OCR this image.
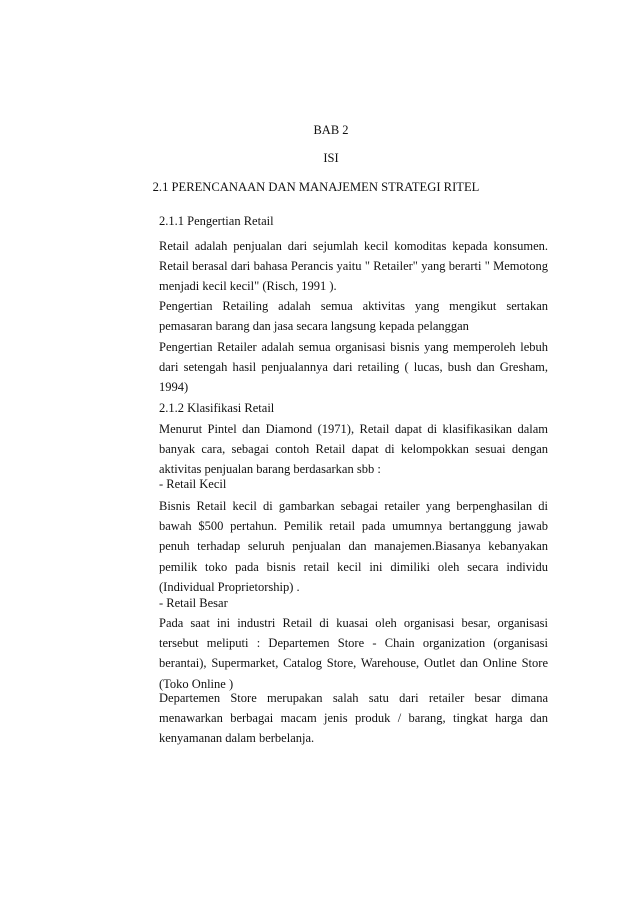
BAB 2
ISI
2.1 PERENCANAAN DAN MANAJEMEN STRATEGI RITEL

2.1.1 Pengertian Retail

Retail adalah penjualan dari sejumlah kecil komoditas kepada konsumen. Retail berasal dari bahasa Perancis yaitu " Retailer" yang berarti " Memotong menjadi kecil kecil" (Risch, 1991 ).

Pengertian Retailing adalah semua aktivitas yang mengikut sertakan pemasaran barang dan jasa secara langsung kepada pelanggan

Pengertian Retailer adalah semua organisasi bisnis yang memperoleh lebuh dari setengah hasil penjualannya dari retailing ( lucas, bush dan Gresham, 1994)

2.1.2 Klasifikasi Retail

Menurut Pintel dan Diamond (1971), Retail dapat di klasifikasikan dalam banyak cara, sebagai contoh Retail dapat di kelompokkan sesuai dengan aktivitas penjualan barang berdasarkan sbb :

- Retail Kecil

Bisnis Retail kecil di gambarkan sebagai retailer yang berpenghasilan di bawah $500 pertahun. Pemilik retail pada umumnya bertanggung jawab penuh terhadap seluruh penjualan dan manajemen.Biasanya kebanyakan pemilik toko pada bisnis retail kecil ini dimiliki oleh secara individu (Individual Proprietorship) .

- Retail Besar

Pada saat ini industri Retail di kuasai oleh organisasi besar, organisasi tersebut meliputi : Departemen Store - Chain organization (organisasi berantai), Supermarket, Catalog Store, Warehouse, Outlet dan Online Store (Toko Online )

Departemen Store merupakan salah satu dari retailer besar dimana menawarkan berbagai macam jenis produk / barang, tingkat harga dan kenyamanan dalam berbelanja.
